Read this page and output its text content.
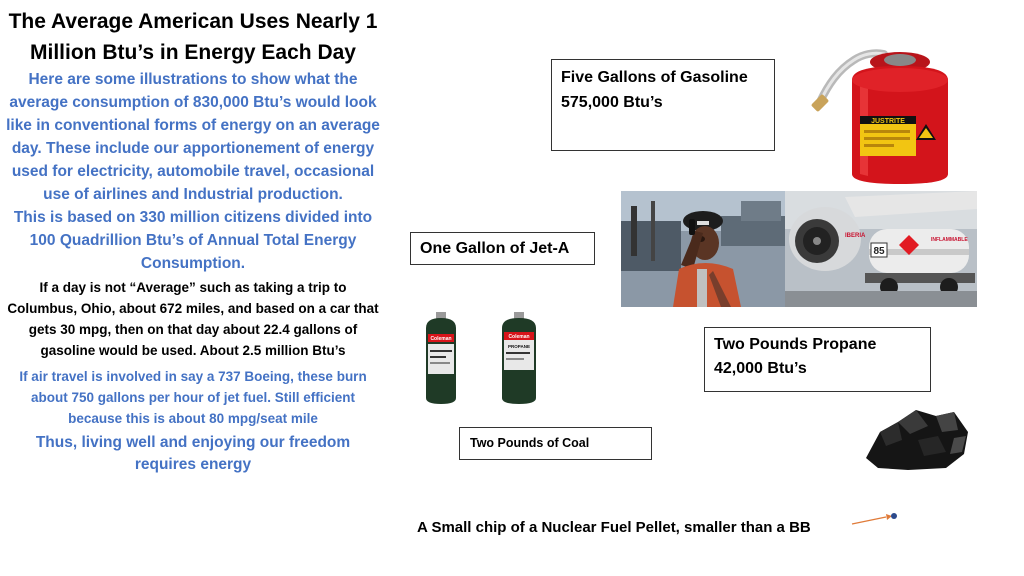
The Average American Uses Nearly 1 Million Btu’s in Energy Each Day

Here are some illustrations to show what the average consumption of 830,000 Btu’s would look like in conventional forms of energy on an average day. These include our apportionement of energy used for electricity, automobile travel, occasional use of airlines and Industrial production.

This is based on 330 million citizens divided into 100 Quadrillion Btu’s of Annual Total Energy Consumption.

If a day is not “Average” such as taking a trip to Columbus, Ohio, about 672 miles, and based on a car that gets 30 mpg, then on that day about 22.4 gallons of gasoline would be used. About 2.5 million Btu’s

If air travel is involved in say a 737 Boeing, these burn about 750 gallons per hour of jet fuel. Still efficient because this is about 80 mpg/seat mile

Thus, living well and enjoying our freedom requires energy

Five Gallons of Gasoline
575,000 Btu’s
One Gallon of Jet-A
Two Pounds Propane
42,000 Btu’s
Two Pounds of Coal
A Small chip of a Nuclear Fuel Pellet, smaller than a BB
JUSTRITE
IBERIA
85
INFLAMMABLE
Coleman	Coleman
PROPANE
